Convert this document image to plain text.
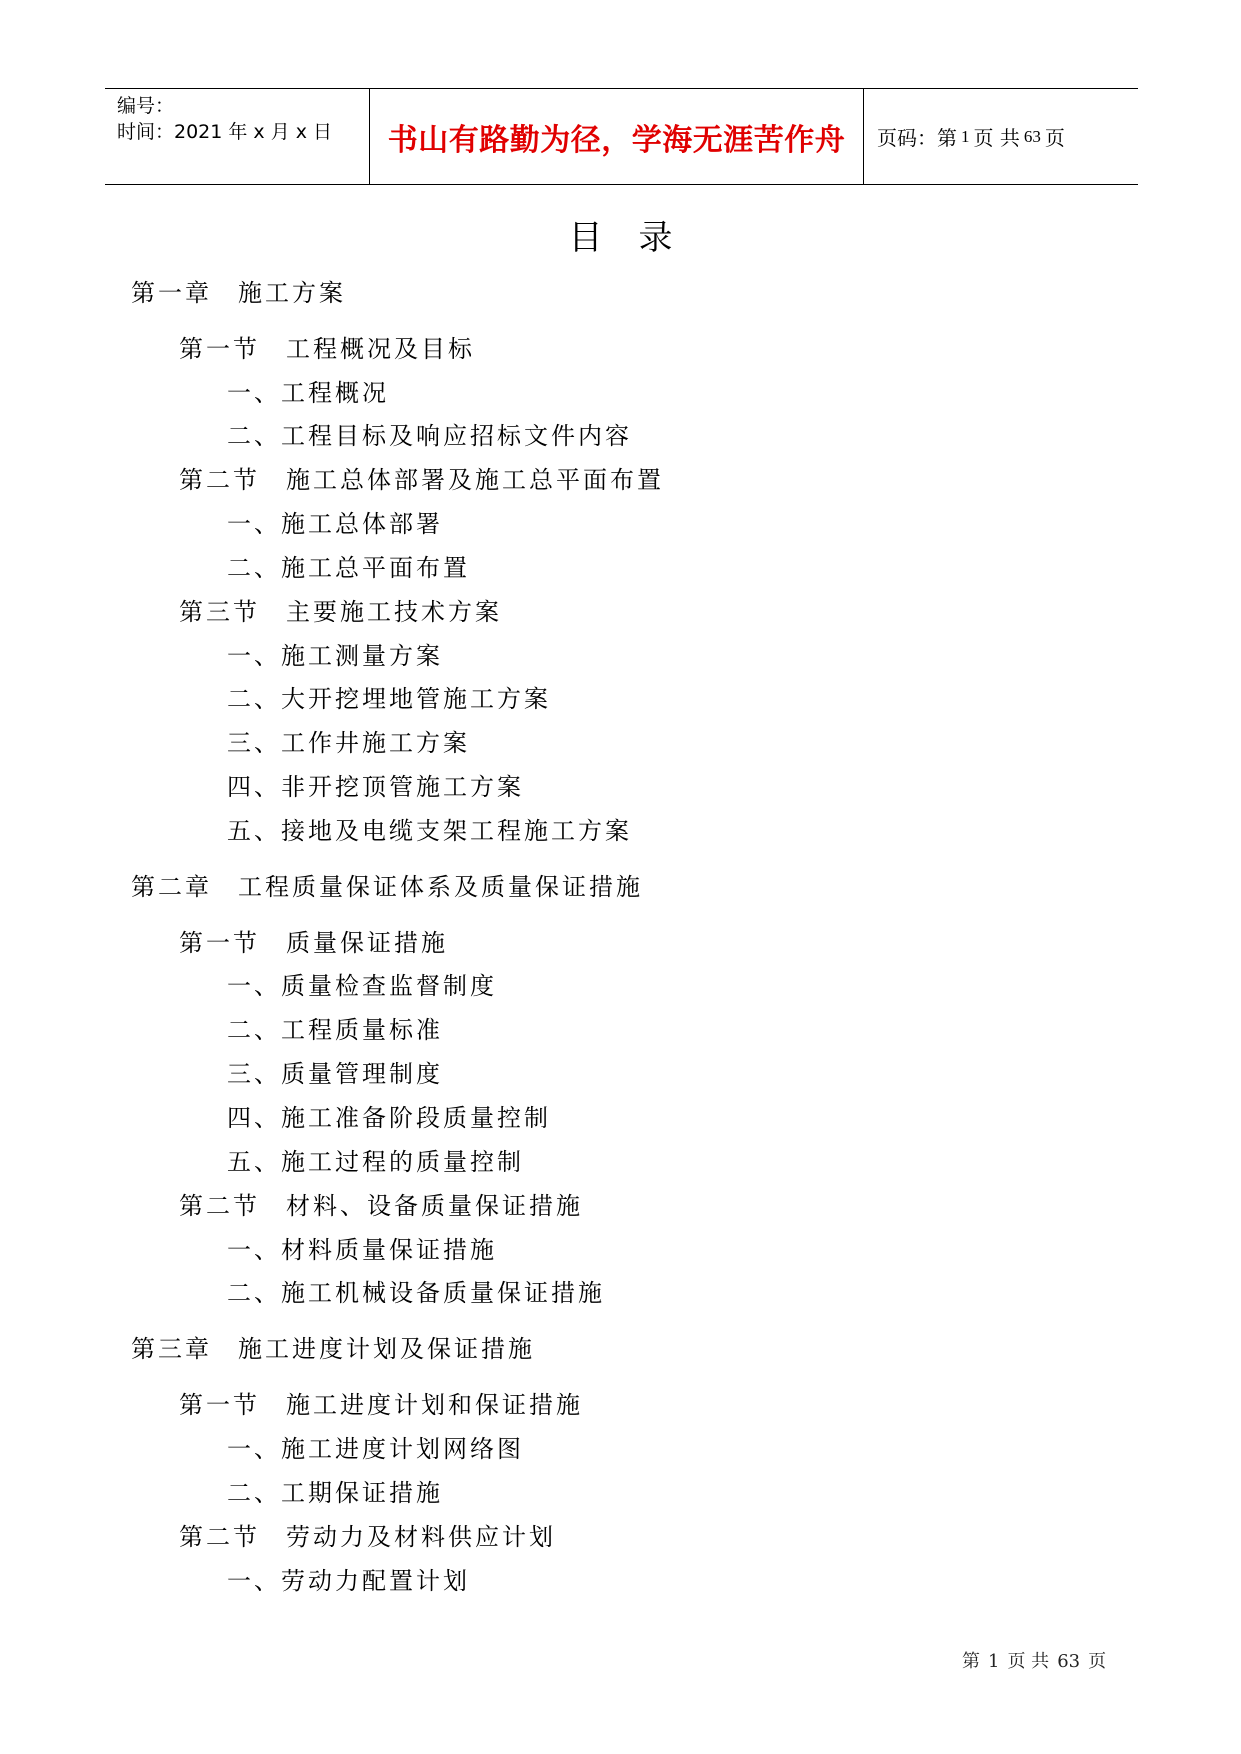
编号：
时间：2021 年 x 月 x 日	书山有路勤为径，学海无涯苦作舟	页码：第 1 页 共 63 页
目录
第一章 施工方案
第一节 工程概况及目标
一、工程概况
二、工程目标及响应招标文件内容
第二节 施工总体部署及施工总平面布置
一、施工总体部署
二、施工总平面布置
第三节 主要施工技术方案
一、施工测量方案
二、大开挖埋地管施工方案
三、工作井施工方案
四、非开挖顶管施工方案
五、接地及电缆支架工程施工方案
第二章 工程质量保证体系及质量保证措施
第一节 质量保证措施
一、质量检查监督制度
二、工程质量标准
三、质量管理制度
四、施工准备阶段质量控制
五、施工过程的质量控制
第二节 材料、设备质量保证措施
一、材料质量保证措施
二、施工机械设备质量保证措施
第三章 施工进度计划及保证措施
第一节 施工进度计划和保证措施
一、施工进度计划网络图
二、工期保证措施
第二节 劳动力及材料供应计划
一、劳动力配置计划
第 1 页 共 63 页
